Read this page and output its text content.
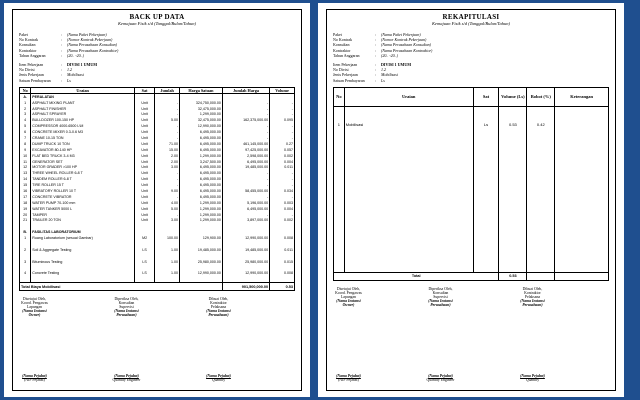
BACK UP DATA
Kemajuan Fisik s/d (Tanggal/Bulan/Tahun)
Paket	:	(Nama Paket Pekerjaan)
No Kontrak	:	(Nomor Kontrak Pekerjaan)
Konsultan	:	(Nama Perusahaan Konsultan)
Kontraktor	:	(Nama Perusahaan Kontraktor)
Tahun Anggaran	:	(20.. -20..)
Item Pekerjaan	:	DIVISI 1 UMUM
No Divisi	:	1.2
Jenis Pekerjaan	:	Mobilisasi
Satuan Pembayaran	:	Ls
No	Uraian	Sat	Jumlah	Harga Satuan	Jumlah Harga	Volume
A.	PERALATAN					
1	ASPHALT MIXING PLANT	Unit	-	324,750,000.00	-	-
2	ASPHALT FINISHER	Unit	-	32,475,000.00	-	-
3	ASPHALT SPRAYER	Unit	-	1,299,000.00	-	-
4	BULLDOZER 100-150 HP	Unit	5.00	32,475,000.00	162,375,000.00	0.095
5	COMPRESSOR 4000-6500 L\M	Unit	-	12,990,000.00	-	-
6	CONCRETE MIXER 0.3-0.6 M3	Unit	-	6,495,000.00	-	-
7	CRANE 10-15 TON	Unit	-	6,495,000.00	-	-
8	DUMP TRUCK 10 TON	Unit	71.00	6,495,000.00	461,145,000.00	0.27
9	EXCAVATOR 80-140 HP	Unit	15.00	6,495,000.00	97,425,000.00	0.057
10	FLAT BED TRUCK 3-4 M3	Unit	2.00	1,299,000.00	2,598,000.00	0.002
11	GENERATOR SET	Unit	2.00	3,247,500.00	6,495,000.00	0.004
12	MOTOR GRADER >100 HP	Unit	3.00	6,495,000.00	19,485,000.00	0.011
13	THREE WHEEL ROLLER 6-8 T	Unit	-	6,495,000.00	-	-
14	TANDEM ROLLER 6-8 T	Unit	-	6,495,000.00	-	-
15	TIRE ROLLER 15 T	Unit	-	6,495,000.00	-	-
16	VIBRATORY ROLLER 10 T	Unit	9.00	6,495,000.00	58,455,000.00	0.034
17	CONCRETE VIBRATOR	Unit	-	6,495,000.00	-	-
18	WATER PUMP 70-100 mm	Unit	4.00	1,299,000.00	5,196,000.00	0.003
19	WATER TANKER 5000 L	Unit	5.00	1,299,000.00	6,495,000.00	0.004
20	TAMPER	Unit	-	1,299,000.00	-	-
21	TRAILER 20 TON	Unit	3.00	1,299,000.00	3,897,000.00	0.002

B.	FASILITAS LABORATORIUM					
1	Ruang Laboratorium (sesuai Gambar)	M2	100.00	129,900.00	12,990,000.00	0.008

2	Soil & Aggregate Testing	LS	1.00	19,485,000.00	19,485,000.00	0.011

3	Bituminous Testing	LS	1.00	25,980,000.00	25,980,000.00	0.015

4	Concrete Testing	LS	1.00	12,990,000.00	12,990,000.00	0.008

Total Biaya Mobilisasi					901,500,000.00	0.53
Disetujui Oleh,
Koord. Pengawas Lapangan
(Nama Instansi Owner)
Diperiksa Oleh,
Konsultan Supervisi
(Nama Instansi Perusahaan)
Dibuat Oleh,
Kontraktor Pelaksana
(Nama Instansi Perusahaan)
(Nama Pejabat)
(NIP Pejabat)
(Nama Pejabat)
Quantity Engineer
(Nama Pejabat)
Quantity
REKAPITULASI
Kemajuan Fisik s/d (Tanggal/Bulan/Tahun)
Paket	:	(Nama Paket Pekerjaan)
No Kontrak	:	(Nomor Kontrak Pekerjaan)
Konsultan	:	(Nama Perusahaan Konsultan)
Kontraktor	:	(Nama Perusahaan Kontraktor)
Tahun Anggaran	:	(20.. -20..)
Item Pekerjaan	:	DIVISI 1 UMUM
No Divisi	:	1.2
Jenis Pekerjaan	:	Mobilisasi
Satuan Pembayaran	:	Ls
No	Uraian	Sat	Volume (Ls)	Bobot (%)	Keterangan

1	Mobilisasi	Ls	0.53	0.42	

Total			0.53		
Disetujui Oleh,
Koord. Pengawas Lapangan
(Nama Instansi Owner)
Diperiksa Oleh,
Konsultan Supervisi
(Nama Instansi Perusahaan)
Dibuat Oleh,
Kontraktor Pelaksana
(Nama Instansi Perusahaan)
(Nama Pejabat)
(NIP Pejabat)
(Nama Pejabat)
Quantity Engineer
(Nama Pejabat)
Quantity
